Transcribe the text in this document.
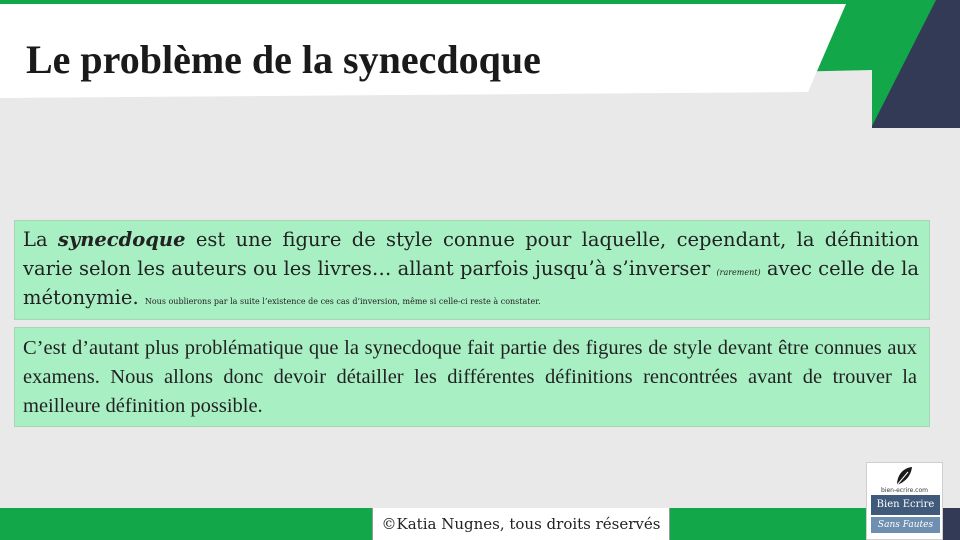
Le problème de la synecdoque
La synecdoque est une figure de style connue pour laquelle, cependant, la définition varie selon les auteurs ou les livres… allant parfois jusqu’à s’inverser (rarement) avec celle de la métonymie. Nous oublierons par la suite l’existence de ces cas d’inversion, même si celle-ci reste à constater.
C’est d’autant plus problématique que la synecdoque fait partie des figures de style devant être connues aux examens. Nous allons donc devoir détailler les différentes définitions rencontrées avant de trouver la meilleure définition possible.
©Katia Nugnes, tous droits réservés
bien-ecrire.com
Bien Ecrire
Sans Fautes
